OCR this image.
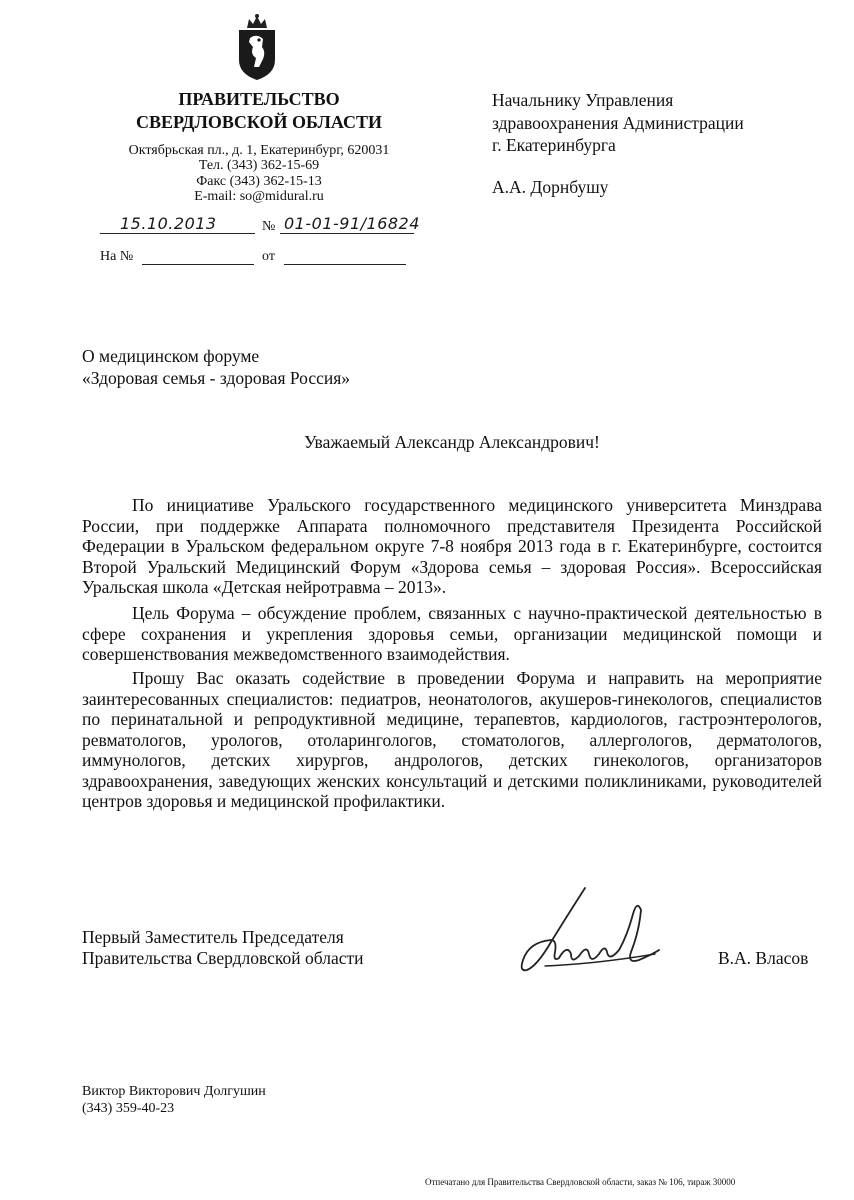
ПРАВИТЕЛЬСТВО
СВЕРДЛОВСКОЙ ОБЛАСТИ
Октябрьская пл., д. 1, Екатеринбург, 620031
Тел. (343) 362-15-69
Факс (343) 362-15-13
E-mail: so@midural.ru
15.10.2013	№ 01-01-91/16824
На №	от
Начальнику Управления
здравоохранения Администрации
г. Екатеринбурга
А.А. Дорнбушу
О медицинском форуме
«Здоровая семья - здоровая Россия»
Уважаемый Александр Александрович!
По инициативе Уральского государственного медицинского университета Минздрава России, при поддержке Аппарата полномочного представителя Президента Российской Федерации в Уральском федеральном округе 7-8 ноября 2013 года в г. Екатеринбурге, состоится Второй Уральский Медицинский Форум «Здорова семья – здоровая Россия». Всероссийская Уральская школа «Детская нейротравма – 2013».
Цель Форума – обсуждение проблем, связанных с научно-практической деятельностью в сфере сохранения и укрепления здоровья семьи, организации медицинской помощи и совершенствования межведомственного взаимодействия.
Прошу Вас оказать содействие в проведении Форума и направить на мероприятие заинтересованных специалистов: педиатров, неонатологов, акушеров-гинекологов, специалистов по перинатальной и репродуктивной медицине, терапевтов, кардиологов, гастроэнтерологов, ревматологов, урологов, отоларингологов, стоматологов, аллергологов, дерматологов, иммунологов, детских хирургов, андрологов, детских гинекологов, организаторов здравоохранения, заведующих женских консультаций и детскими поликлиниками, руководителей центров здоровья и медицинской профилактики.
Первый Заместитель Председателя
Правительства Свердловской области	В.А. Власов
Виктор Викторович Долгушин
(343) 359-40-23
Отпечатано для Правительства Свердловской области, заказ № 106, тираж 30000
